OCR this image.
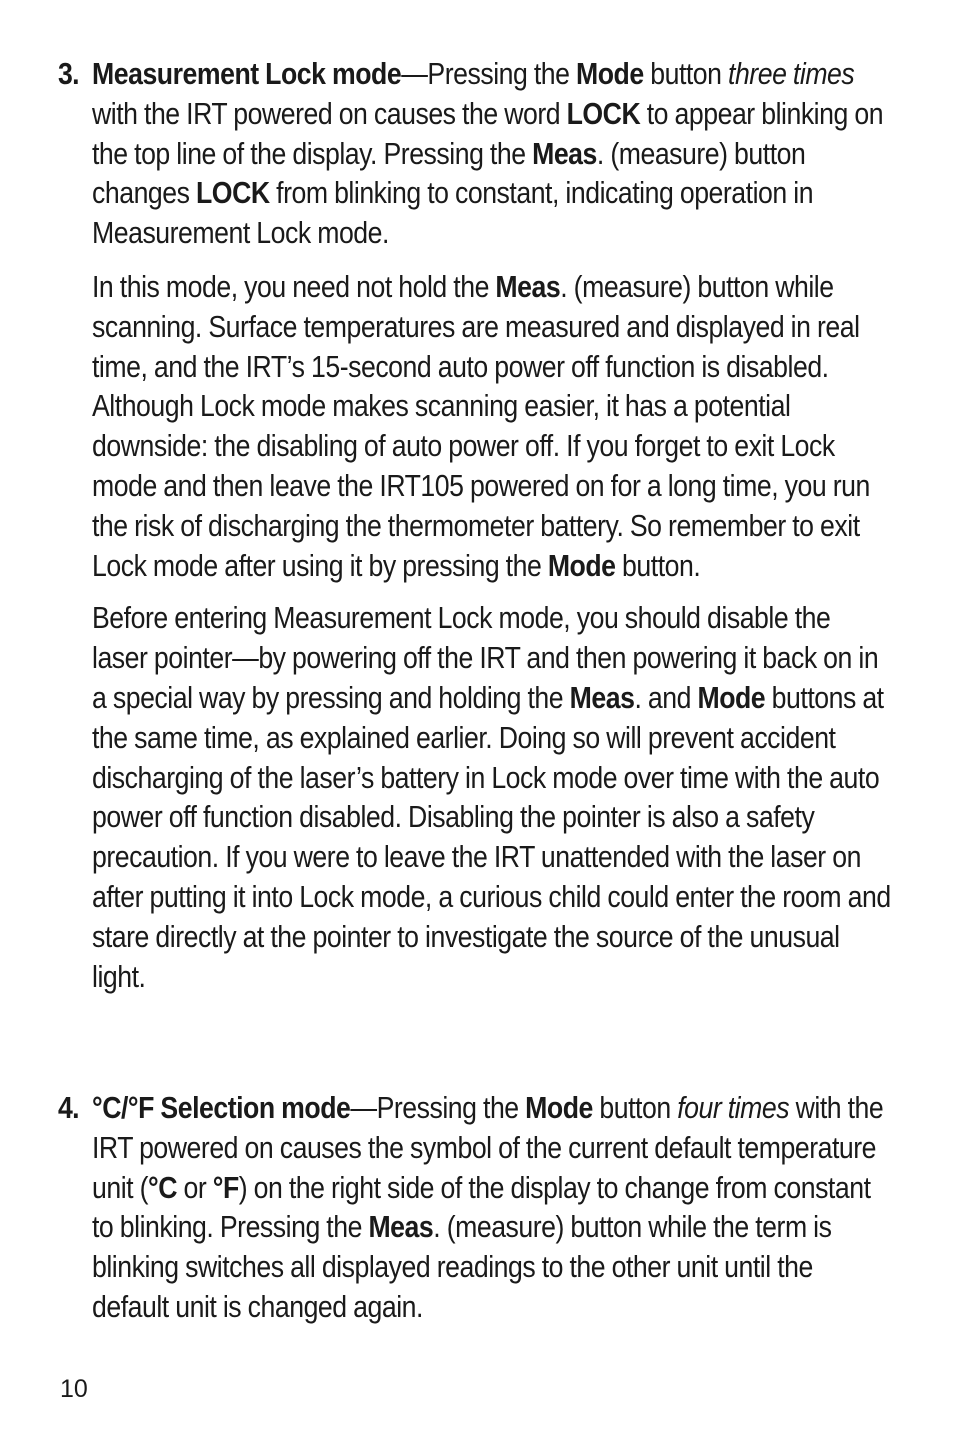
3. Measurement Lock mode—Pressing the Mode button three times with the IRT powered on causes the word LOCK to appear blinking on the top line of the display. Pressing the Meas. (measure) button changes LOCK from blinking to constant, indicating operation in Measurement Lock mode.

In this mode, you need not hold the Meas. (measure) button while scanning. Surface temperatures are measured and displayed in real time, and the IRT’s 15-second auto power off function is disabled. Although Lock mode makes scanning easier, it has a potential downside: the disabling of auto power off. If you forget to exit Lock mode and then leave the IRT105 powered on for a long time, you run the risk of discharging the thermometer battery. So remember to exit Lock mode after using it by pressing the Mode button.

Before entering Measurement Lock mode, you should disable the laser pointer—by powering off the IRT and then powering it back on in a special way by pressing and holding the Meas. and Mode buttons at the same time, as explained earlier. Doing so will prevent accident discharging of the laser’s battery in Lock mode over time with the auto power off function disabled. Disabling the pointer is also a safety precaution. If you were to leave the IRT unattended with the laser on after putting it into Lock mode, a curious child could enter the room and stare directly at the pointer to investigate the source of the unusual light.

4. °C/°F Selection mode—Pressing the Mode button four times with the IRT powered on causes the symbol of the current default temperature unit (°C or °F) on the right side of the display to change from constant to blinking. Pressing the Meas. (measure) button while the term is blinking switches all displayed readings to the other unit until the default unit is changed again.

10
